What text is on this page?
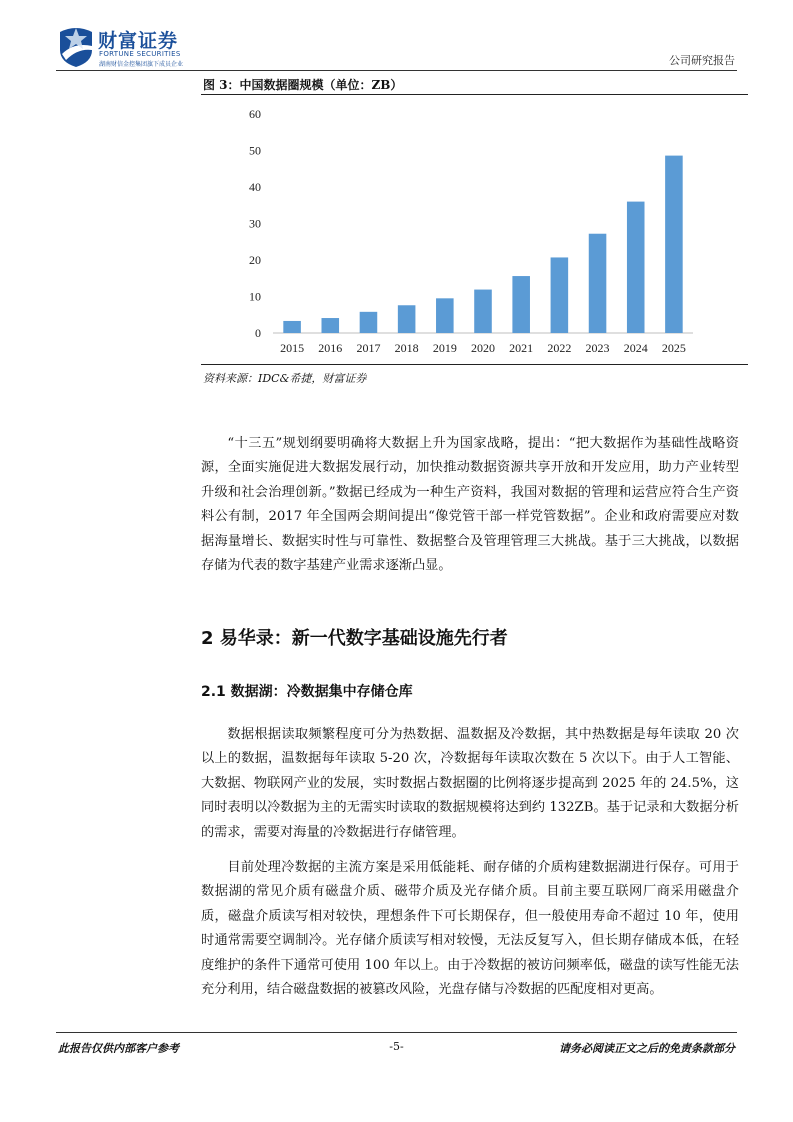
财富证券
FORTUNE SECURITIES
湖南财信金控集团旗下成员企业	公司研究报告
图 3：中国数据圈规模（单位：ZB）
0
10
20
30
40
50
60
2015 2016 2017 2018 2019 2020 2021 2022 2023 2024 2025
资料来源：IDC&希捷，财富证券

“十三五”规划纲要明确将大数据上升为国家战略，提出：“把大数据作为基础性战略资源，全面实施促进大数据发展行动，加快推动数据资源共享开放和开发应用，助力产业转型升级和社会治理创新。”数据已经成为一种生产资料，我国对数据的管理和运营应符合生产资料公有制，2017 年全国两会期间提出“像党管干部一样党管数据”。企业和政府需要应对数据海量增长、数据实时性与可靠性、数据整合及管理管理三大挑战。基于三大挑战，以数据存储为代表的数字基建产业需求逐渐凸显。

2 易华录：新一代数字基础设施先行者
2.1 数据湖：冷数据集中存储仓库

数据根据读取频繁程度可分为热数据、温数据及冷数据，其中热数据是每年读取 20 次以上的数据，温数据每年读取 5-20 次，冷数据每年读取次数在 5 次以下。由于人工智能、大数据、物联网产业的发展，实时数据占数据圈的比例将逐步提高到 2025 年的 24.5%，这同时表明以冷数据为主的无需实时读取的数据规模将达到约 132ZB。基于记录和大数据分析的需求，需要对海量的冷数据进行存储管理。

目前处理冷数据的主流方案是采用低能耗、耐存储的介质构建数据湖进行保存。可用于数据湖的常见介质有磁盘介质、磁带介质及光存储介质。目前主要互联网厂商采用磁盘介质，磁盘介质读写相对较快，理想条件下可长期保存，但一般使用寿命不超过 10 年，使用时通常需要空调制冷。光存储介质读写相对较慢，无法反复写入，但长期存储成本低，在轻度维护的条件下通常可使用 100 年以上。由于冷数据的被访问频率低，磁盘的读写性能无法充分利用，结合磁盘数据的被篡改风险，光盘存储与冷数据的匹配度相对更高。

此报告仅供内部客户参考	-5-	请务必阅读正文之后的免责条款部分
